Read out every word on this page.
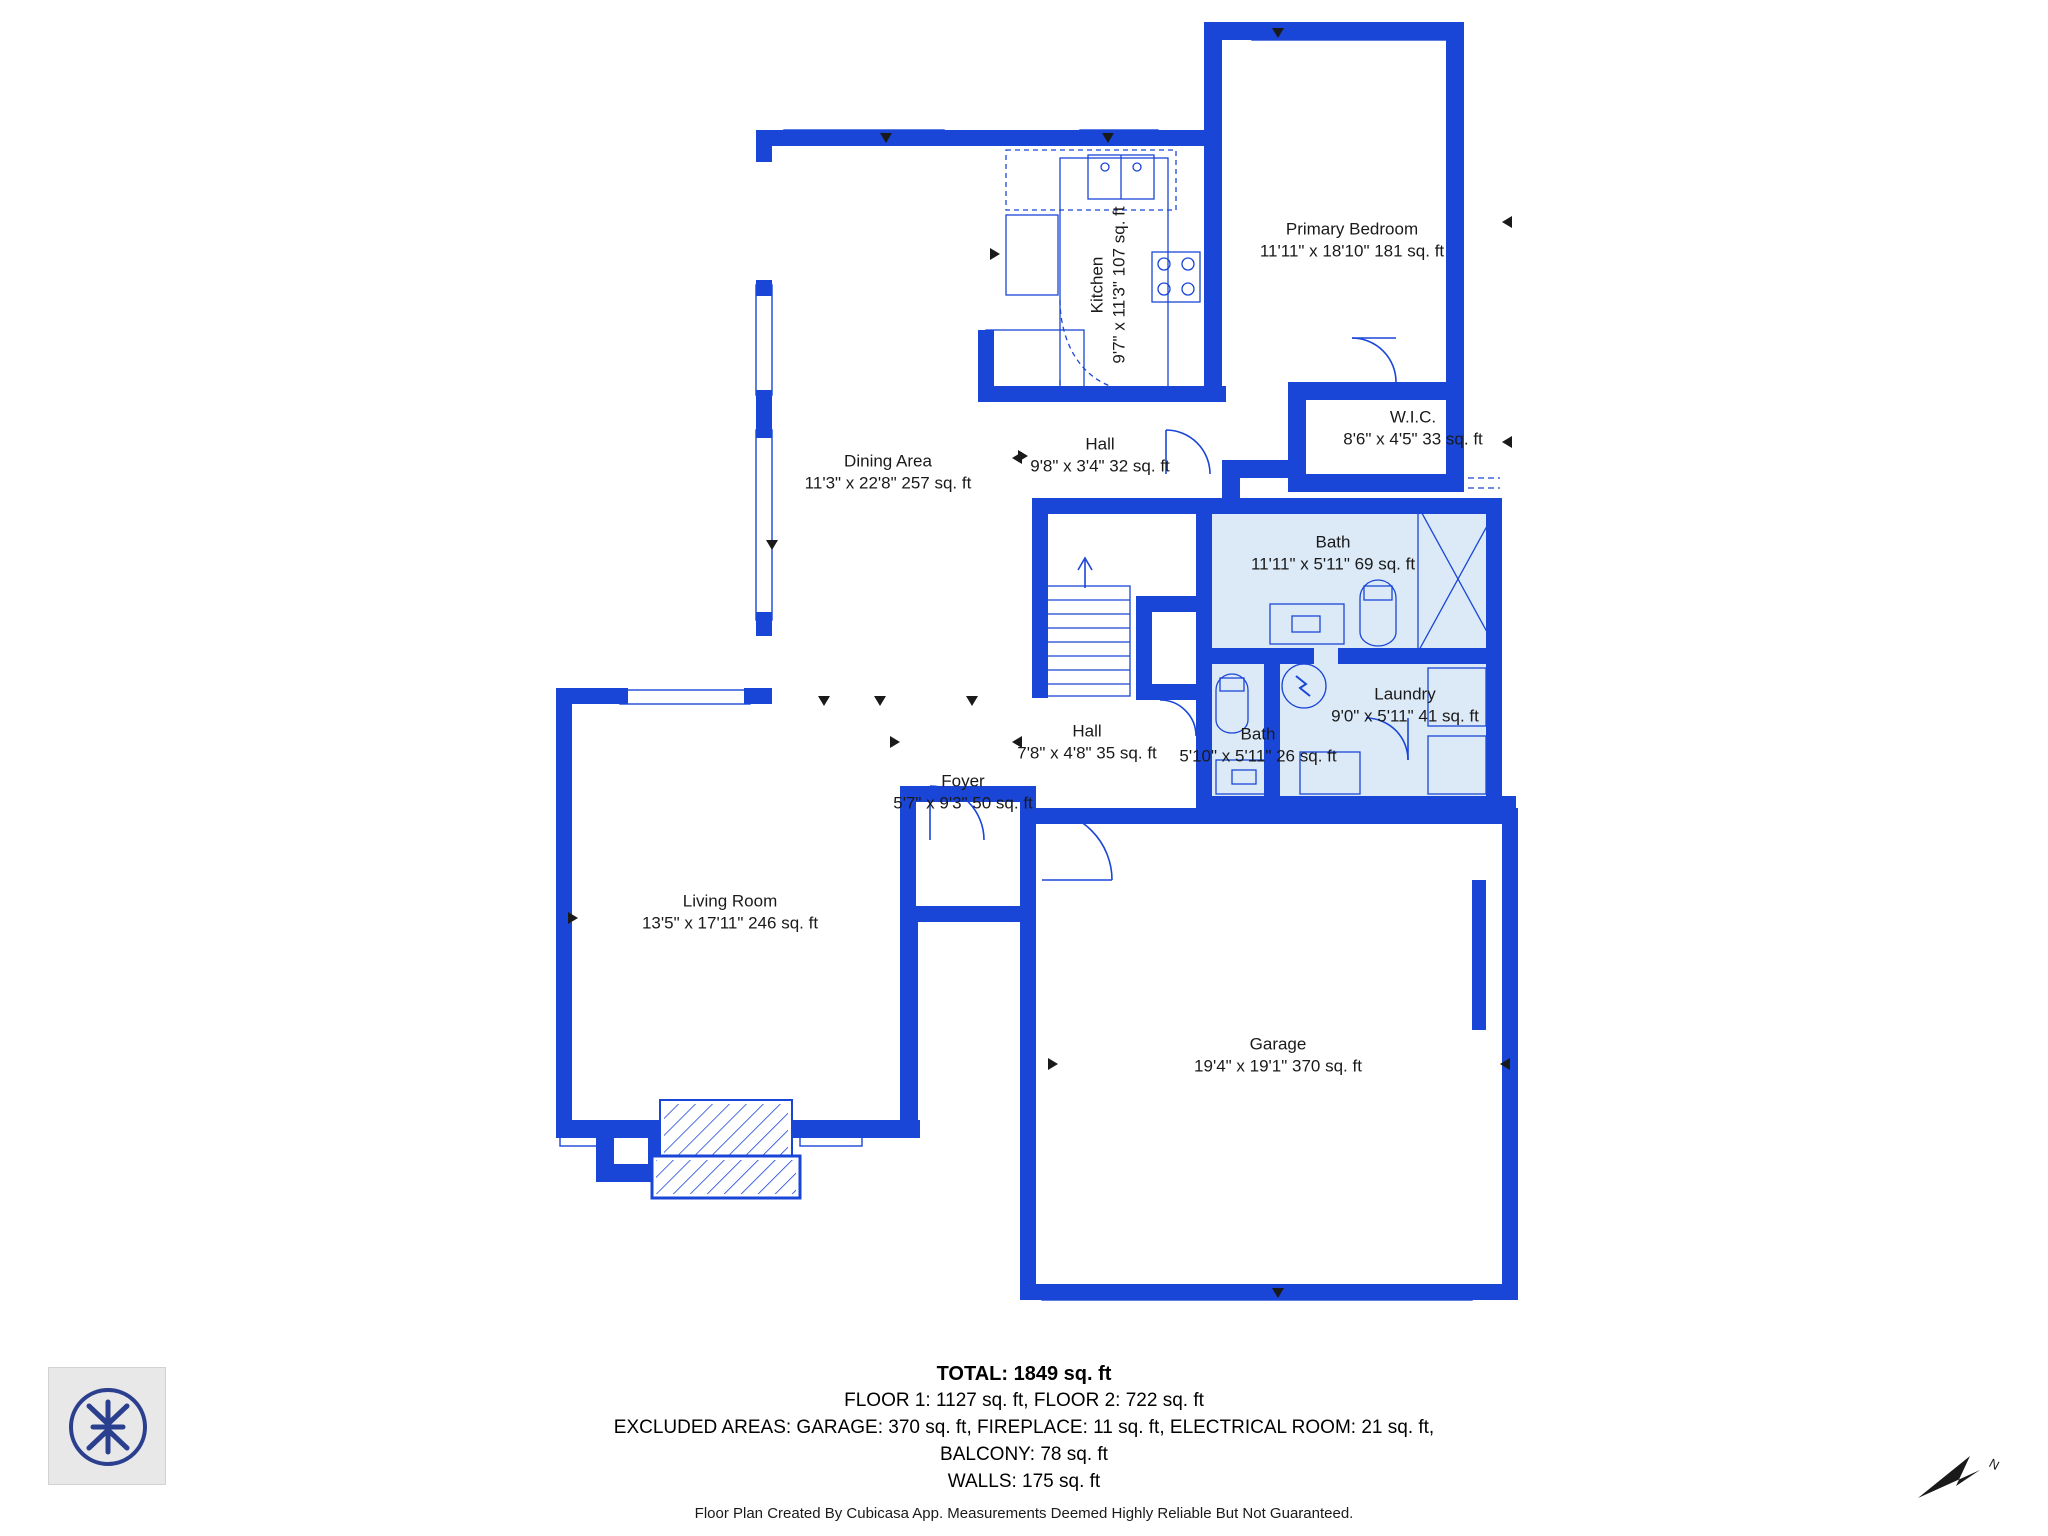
Kitchen 9'7" x 11'3" 107 sq. ft	Primary Bedroom
11'11" x 18'10" 181 sq. ft
W.I.C.
8'6" x 4'5" 33 sq. ft
Dining Area
11'3" x 22'8" 257 sq. ft
Hall
9'8" x 3'4" 32 sq. ft
Bath
11'11" x 5'11" 69 sq. ft
Laundry
9'0" x 5'11" 41 sq. ft
Bath
5'10" x 5'11" 26 sq. ft
Hall
7'8" x 4'8" 35 sq. ft
Foyer
5'7" x 9'3" 50 sq. ft
Living Room
13'5" x 17'11" 246 sq. ft
Garage
19'4" x 19'1" 370 sq. ft
TOTAL: 1849 sq. ft
FLOOR 1: 1127 sq. ft, FLOOR 2: 722 sq. ft
EXCLUDED AREAS: GARAGE: 370 sq. ft, FIREPLACE: 11 sq. ft, ELECTRICAL ROOM: 21 sq. ft,
BALCONY: 78 sq. ft
WALLS: 175 sq. ft
Floor Plan Created By Cubicasa App. Measurements Deemed Highly Reliable But Not Guaranteed.
N
